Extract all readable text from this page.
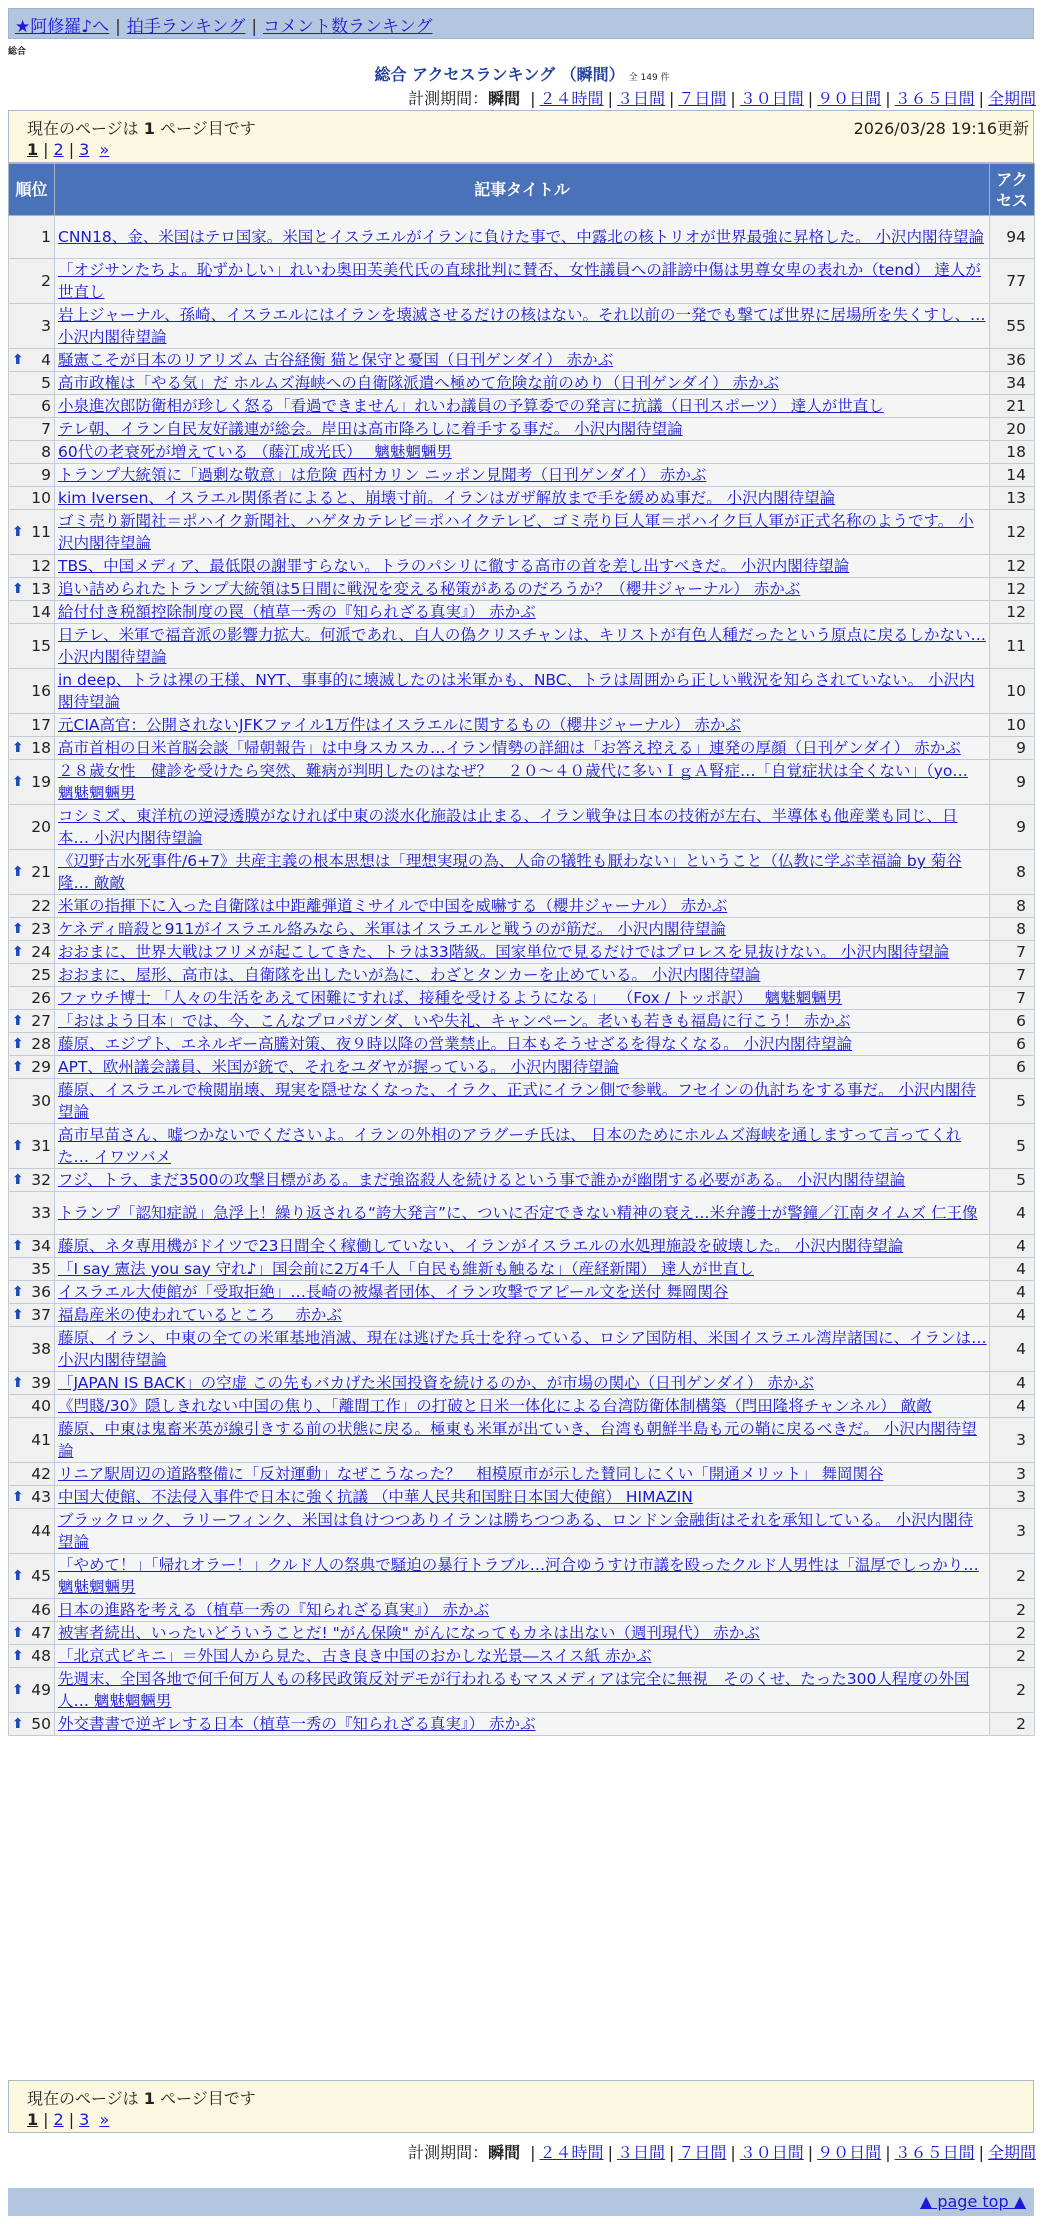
★阿修羅♪へ | 拍手ランキング | コメント数ランキング
総合
総合 アクセスランキング （瞬間） 全 149 件
計測期間：瞬間 | ２４時間 | ３日間 | ７日間 | ３０日間 | ９０日間 | ３６５日間 | 全期間
現在のページは 1 ページ目です	2026/03/28 19:16更新
1 | 2 | 3 »
順位	記事タイトル	アクセス
1	CNN18、金、米国はテロ国家。米国とイスラエルがイランに負けた事で、中露北の核トリオが世界最強に昇格した。 小沢内閣待望論	94
2	「オジサンたちよ。恥ずかしい」れいわ奥田芙美代氏の直球批判に賛否、女性議員への誹謗中傷は男尊女卑の表れか（tend） 達人が世直し	77
3	岩上ジャーナル、孫崎、イスラエルにはイランを壊滅させるだけの核はない。それ以前の一発でも撃てば世界に居場所を失くすし、… 小沢内閣待望論	55

⬆ 4	騒憲こそが日本のリアリズム 古谷経衡 猫と保守と憂国（日刊ゲンダイ） 赤かぶ	36
5	高市政権は「やる気」だ ホルムズ海峡への自衛隊派遣へ極めて危険な前のめり（日刊ゲンダイ） 赤かぶ	34
6	小泉進次郎防衛相が珍しく怒る「看過できません」れいわ議員の予算委での発言に抗議（日刊スポーツ） 達人が世直し	21
7	テレ朝、イラン自民友好議連が総会。岸田は高市降ろしに着手する事だ。 小沢内閣待望論	20
8	60代の老衰死が増えている （藤江成光氏）　 魑魅魍魎男	18
9	トランプ大統領に「過剰な敬意」は危険 西村カリン ニッポン見聞考（日刊ゲンダイ） 赤かぶ	14
10	kim Iversen、イスラエル関係者によると、崩壊寸前。イランはガザ解放まで手を緩めぬ事だ。 小沢内閣待望論	13

⬆ 11	ゴミ売り新聞社＝ポハイク新聞社、ハゲタカテレビ＝ポハイクテレビ、ゴミ売り巨人軍＝ポハイク巨人軍が正式名称のようです。 小沢内閣待望論	12
12	TBS、中国メディア、最低限の謝罪すらない。トラのパシリに徹する高市の首を差し出すべきだ。 小沢内閣待望論	12

⬆ 13	追い詰められたトランプ大統領は5日間に戦況を変える秘策があるのだろうか？（櫻井ジャーナル） 赤かぶ	12
14	給付付き税額控除制度の罠（植草一秀の『知られざる真実』） 赤かぶ	12
15	日テレ、米軍で福音派の影響力拡大。何派であれ、白人の偽クリスチャンは、キリストが有色人種だったという原点に戻るしかない… 小沢内閣待望論	11
16	in deep、トラは裸の王様、NYT、事事的に壊滅したのは米軍かも、NBC、トラは周囲から正しい戦況を知らされていない。 小沢内閣待望論	10
17	元CIA高官：公開されないJFKファイル1万件はイスラエルに関するもの（櫻井ジャーナル） 赤かぶ	10

⬆ 18	高市首相の日米首脳会談「帰朝報告」は中身スカスカ…イラン情勢の詳細は「お答え控える」連発の厚顔（日刊ゲンダイ） 赤かぶ	9

⬆ 19	２８歳女性　健診を受けたら突然、難病が判明したのはなぜ？　２０～４０歳代に多いＩｇＡ腎症…「自覚症状は全くない」（yo… 魑魅魍魎男	9
20	コシミズ、東洋杭の逆浸透膜がなければ中東の淡水化施設は止まる、イラン戦争は日本の技術が左右、半導体も他産業も同じ、日本… 小沢内閣待望論	9

⬆ 21	《辺野古水死事件/6+7》共産主義の根本思想は「理想実現の為、人命の犠牲も厭わない」ということ（仏教に学ぶ幸福論 by 菊谷隆… 敵敵	8
22	米軍の指揮下に入った自衛隊は中距離弾道ミサイルで中国を威嚇する（櫻井ジャーナル） 赤かぶ	8

⬆ 23	ケネディ暗殺と911がイスラエル絡みなら、米軍はイスラエルと戦うのが筋だ。 小沢内閣待望論	8

⬆ 24	おおまに、世界大戦はフリメが起こしてきた、トラは33階級。国家単位で見るだけではプロレスを見抜けない。 小沢内閣待望論	7
25	おおまに、屋形、高市は、自衛隊を出したいが為に、わざとタンカーを止めている。 小沢内閣待望論	7
26	ファウチ博士 「人々の生活をあえて困難にすれば、接種を受けるようになる」　 （Fox / トッポ訳）　 魑魅魍魎男	7

⬆ 27	「おはよう日本」では、今、こんなプロパガンダ、いや失礼、キャンペーン。老いも若きも福島に行こう！ 赤かぶ	6

⬆ 28	藤原、エジプト、エネルギー高騰対策、夜９時以降の営業禁止。日本もそうせざるを得なくなる。 小沢内閣待望論	6

⬆ 29	APT、欧州議会議員、米国が銃で、それをユダヤが握っている。 小沢内閣待望論	6
30	藤原、イスラエルで検閲崩壊、現実を隠せなくなった、イラク、正式にイラン側で参戦。フセインの仇討ちをする事だ。 小沢内閣待望論	5

⬆ 31	高市早苗さん、嘘つかないでくださいよ。イランの外相のアラグーチ氏は、 日本のためにホルムズ海峡を通しますって言ってくれた… イワツバメ	5

⬆ 32	フジ、トラ、まだ3500の攻撃目標がある。まだ強盗殺人を続けるという事で誰かが幽閉する必要がある。 小沢内閣待望論	5
33	トランプ「認知症説」急浮上！繰り返される“誇大発言”に、ついに否定できない精神の衰え…米弁護士が警鐘／江南タイムズ 仁王像	4

⬆ 34	藤原、ネタ専用機がドイツで23日間全く稼働していない、イランがイスラエルの水処理施設を破壊した。 小沢内閣待望論	4
35	「I say 憲法 you say 守れ♪」国会前に2万4千人「自民も維新も触るな」（産経新聞） 達人が世直し	4

⬆ 36	イスラエル大使館が「受取拒絶」…長崎の被爆者団体、イラン攻撃でアピール文を送付 舞岡関谷	4

⬆ 37	福島産米の使われているところ　 赤かぶ	4
38	藤原、イラン、中東の全ての米軍基地消滅、現在は逃げた兵士を狩っている、ロシア国防相、米国イスラエル湾岸諸国に、イランは… 小沢内閣待望論	4

⬆ 39	「JAPAN IS BACK」の空虚 この先もバカげた米国投資を続けるのか、が市場の関心（日刊ゲンダイ） 赤かぶ	4
40	《閂賤/30》隠しきれない中国の焦り、「離間工作」の打破と日米一体化による台湾防衛体制構築（閂田隆将チャンネル） 敵敵	4
41	藤原、中東は鬼畜米英が線引きする前の状態に戻る。極東も米軍が出ていき、台湾も朝鮮半島も元の鞘に戻るべきだ。 小沢内閣待望論	3
42	リニア駅周辺の道路整備に「反対運動」なぜこうなった？　相模原市が示した賛同しにくい「開通メリット」 舞岡関谷	3

⬆ 43	中国大使館、不法侵入事件で日本に強く抗議 （中華人民共和国駐日本国大使館） HIMAZIN	3
44	ブラックロック、ラリーフィンク、米国は負けつつありイランは勝ちつつある、ロンドン金融街はそれを承知している。 小沢内閣待望論	3

⬆ 45	「やめて！」「帰れオラー！」クルド人の祭典で騒迫の暴行トラブル…河合ゆうすけ市議を殴ったクルド人男性は「温厚でしっかり… 魑魅魍魎男	2
46	日本の進路を考える（植草一秀の『知られざる真実』） 赤かぶ	2

⬆ 47	被害者続出、いったいどういうことだ! "がん保険" がんになってもカネは出ない（週刊現代） 赤かぶ	2

⬆ 48	「北京式ビキニ」＝外国人から見た、古き良き中国のおかしな光景―スイス紙 赤かぶ	2

⬆ 49	先週末、全国各地で何千何万人もの移民政策反対デモが行われるもマスメディアは完全に無視　そのくせ、たった300人程度の外国人… 魑魅魍魎男	2

⬆ 50	外交書書で逆ギレする日本（植草一秀の『知られざる真実』） 赤かぶ	2
現在のページは 1 ページ目です
1 | 2 | 3 »
計測期間：瞬間 | ２４時間 | ３日間 | ７日間 | ３０日間 | ９０日間 | ３６５日間 | 全期間
▲ page top ▲
